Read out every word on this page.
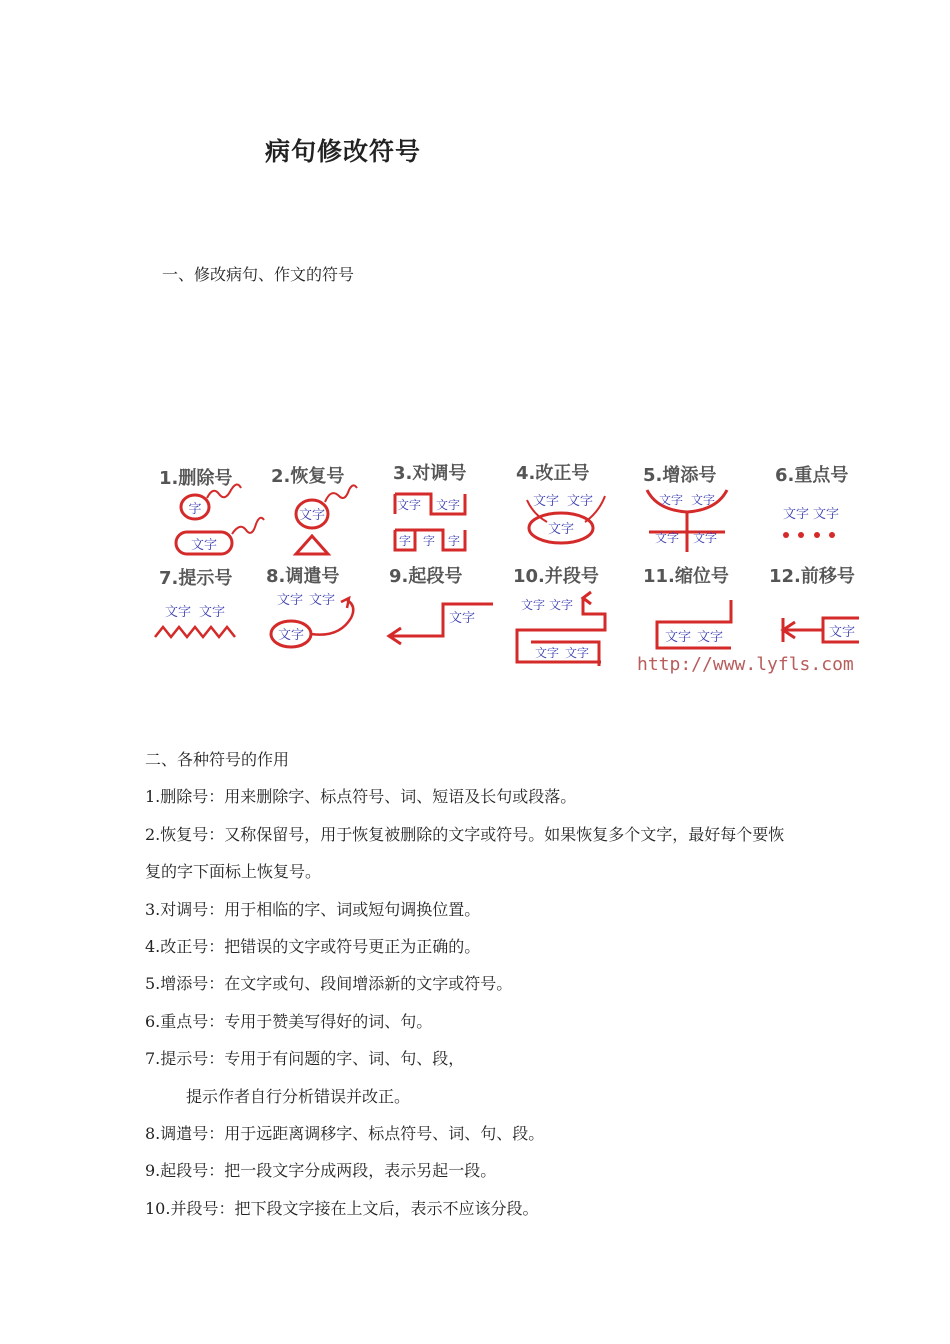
病句修改符号
一、修改病句、作文的符号
1.删除号 2.恢复号	3.对调号	4.改正号	5.增添号	6.重点号
7.提示号 8.调遣号	9.起段号	10.并段号 11.缩位号 12.前移号
字
文字
文字
文字 文字
字 字 字
文字 文字
文字
文字 文字
文字 文字
文字 文字
文字 文字
文字 文字
文字
文字
文字 文字
文字 文字
文字 文字	文字
http://www.lyfls.com
二、各种符号的作用
1.删除号：用来删除字、标点符号、词、短语及长句或段落。
2.恢复号：又称保留号，用于恢复被删除的文字或符号。如果恢复多个文字，最好每个要恢
复的字下面标上恢复号。
3.对调号：用于相临的字、词或短句调换位置。
4.改正号：把错误的文字或符号更正为正确的。
5.增添号：在文字或句、段间增添新的文字或符号。
6.重点号：专用于赞美写得好的词、句。
7.提示号：专用于有问题的字、词、句、段，
提示作者自行分析错误并改正。
8.调遣号：用于远距离调移字、标点符号、词、句、段。
9.起段号：把一段文字分成两段，表示另起一段。
10.并段号：把下段文字接在上文后，表示不应该分段。
